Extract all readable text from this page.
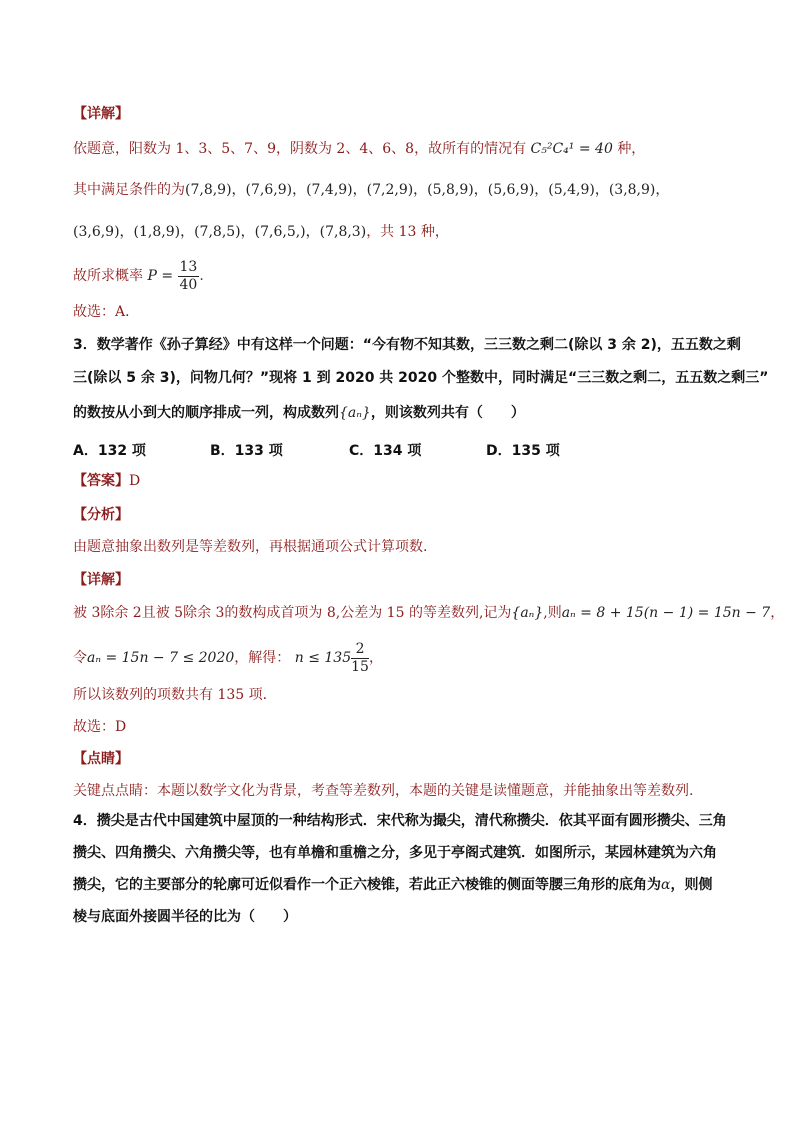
【详解】
依题意，阳数为 1、3、5、7、9，阴数为 2、4、6、8，故所有的情况有 C₅²C₄¹ = 40 种，
其中满足条件的为(7,8,9)，(7,6,9)，(7,4,9)，(7,2,9)，(5,8,9)，(5,6,9)，(5,4,9)，(3,8,9)，
(3,6,9)，(1,8,9)，(7,8,5)，(7,6,5,)，(7,8,3)，共 13 种，
故所求概率 $P = \frac{13}{40}$ .
故选：A．
3．数学著作《孙子算经》中有这样一个问题：“今有物不知其数，三三数之剩二(除以 3 余 2)，五五数之剩
三(除以 5 余 3)，问物几何？”现将 1 到 2020 共 2020 个整数中，同时满足“三三数之剩二，五五数之剩三”
的数按从小到大的顺序排成一列，构成数列{aₙ}，则该数列共有（　　）
A．132 项	B．133 项	C．134 项	D．135 项
【答案】D
【分析】
由题意抽象出数列是等差数列，再根据通项公式计算项数.
【详解】
被 3除余 2且被 5除余 3的数构成首项为 8,公差为 15 的等差数列,记为{aₙ},则aₙ = 8 + 15(n − 1) = 15n − 7，
令aₙ = 15n − 7 ≤ 2020，解得： $n \le 135 \frac{2}{15}$ ，
所以该数列的项数共有 135 项.
故选：D
【点睛】
关键点点睛：本题以数学文化为背景，考查等差数列，本题的关键是读懂题意，并能抽象出等差数列.
4．攒尖是古代中国建筑中屋顶的一种结构形式．宋代称为撮尖，清代称攒尖．依其平面有圆形攒尖、三角
攒尖、四角攒尖、六角攒尖等，也有单檐和重檐之分，多见于亭阁式建筑．如图所示，某园林建筑为六角
攒尖，它的主要部分的轮廓可近似看作一个正六棱锥，若此正六棱锥的侧面等腰三角形的底角为α，则侧
棱与底面外接圆半径的比为（　　）
